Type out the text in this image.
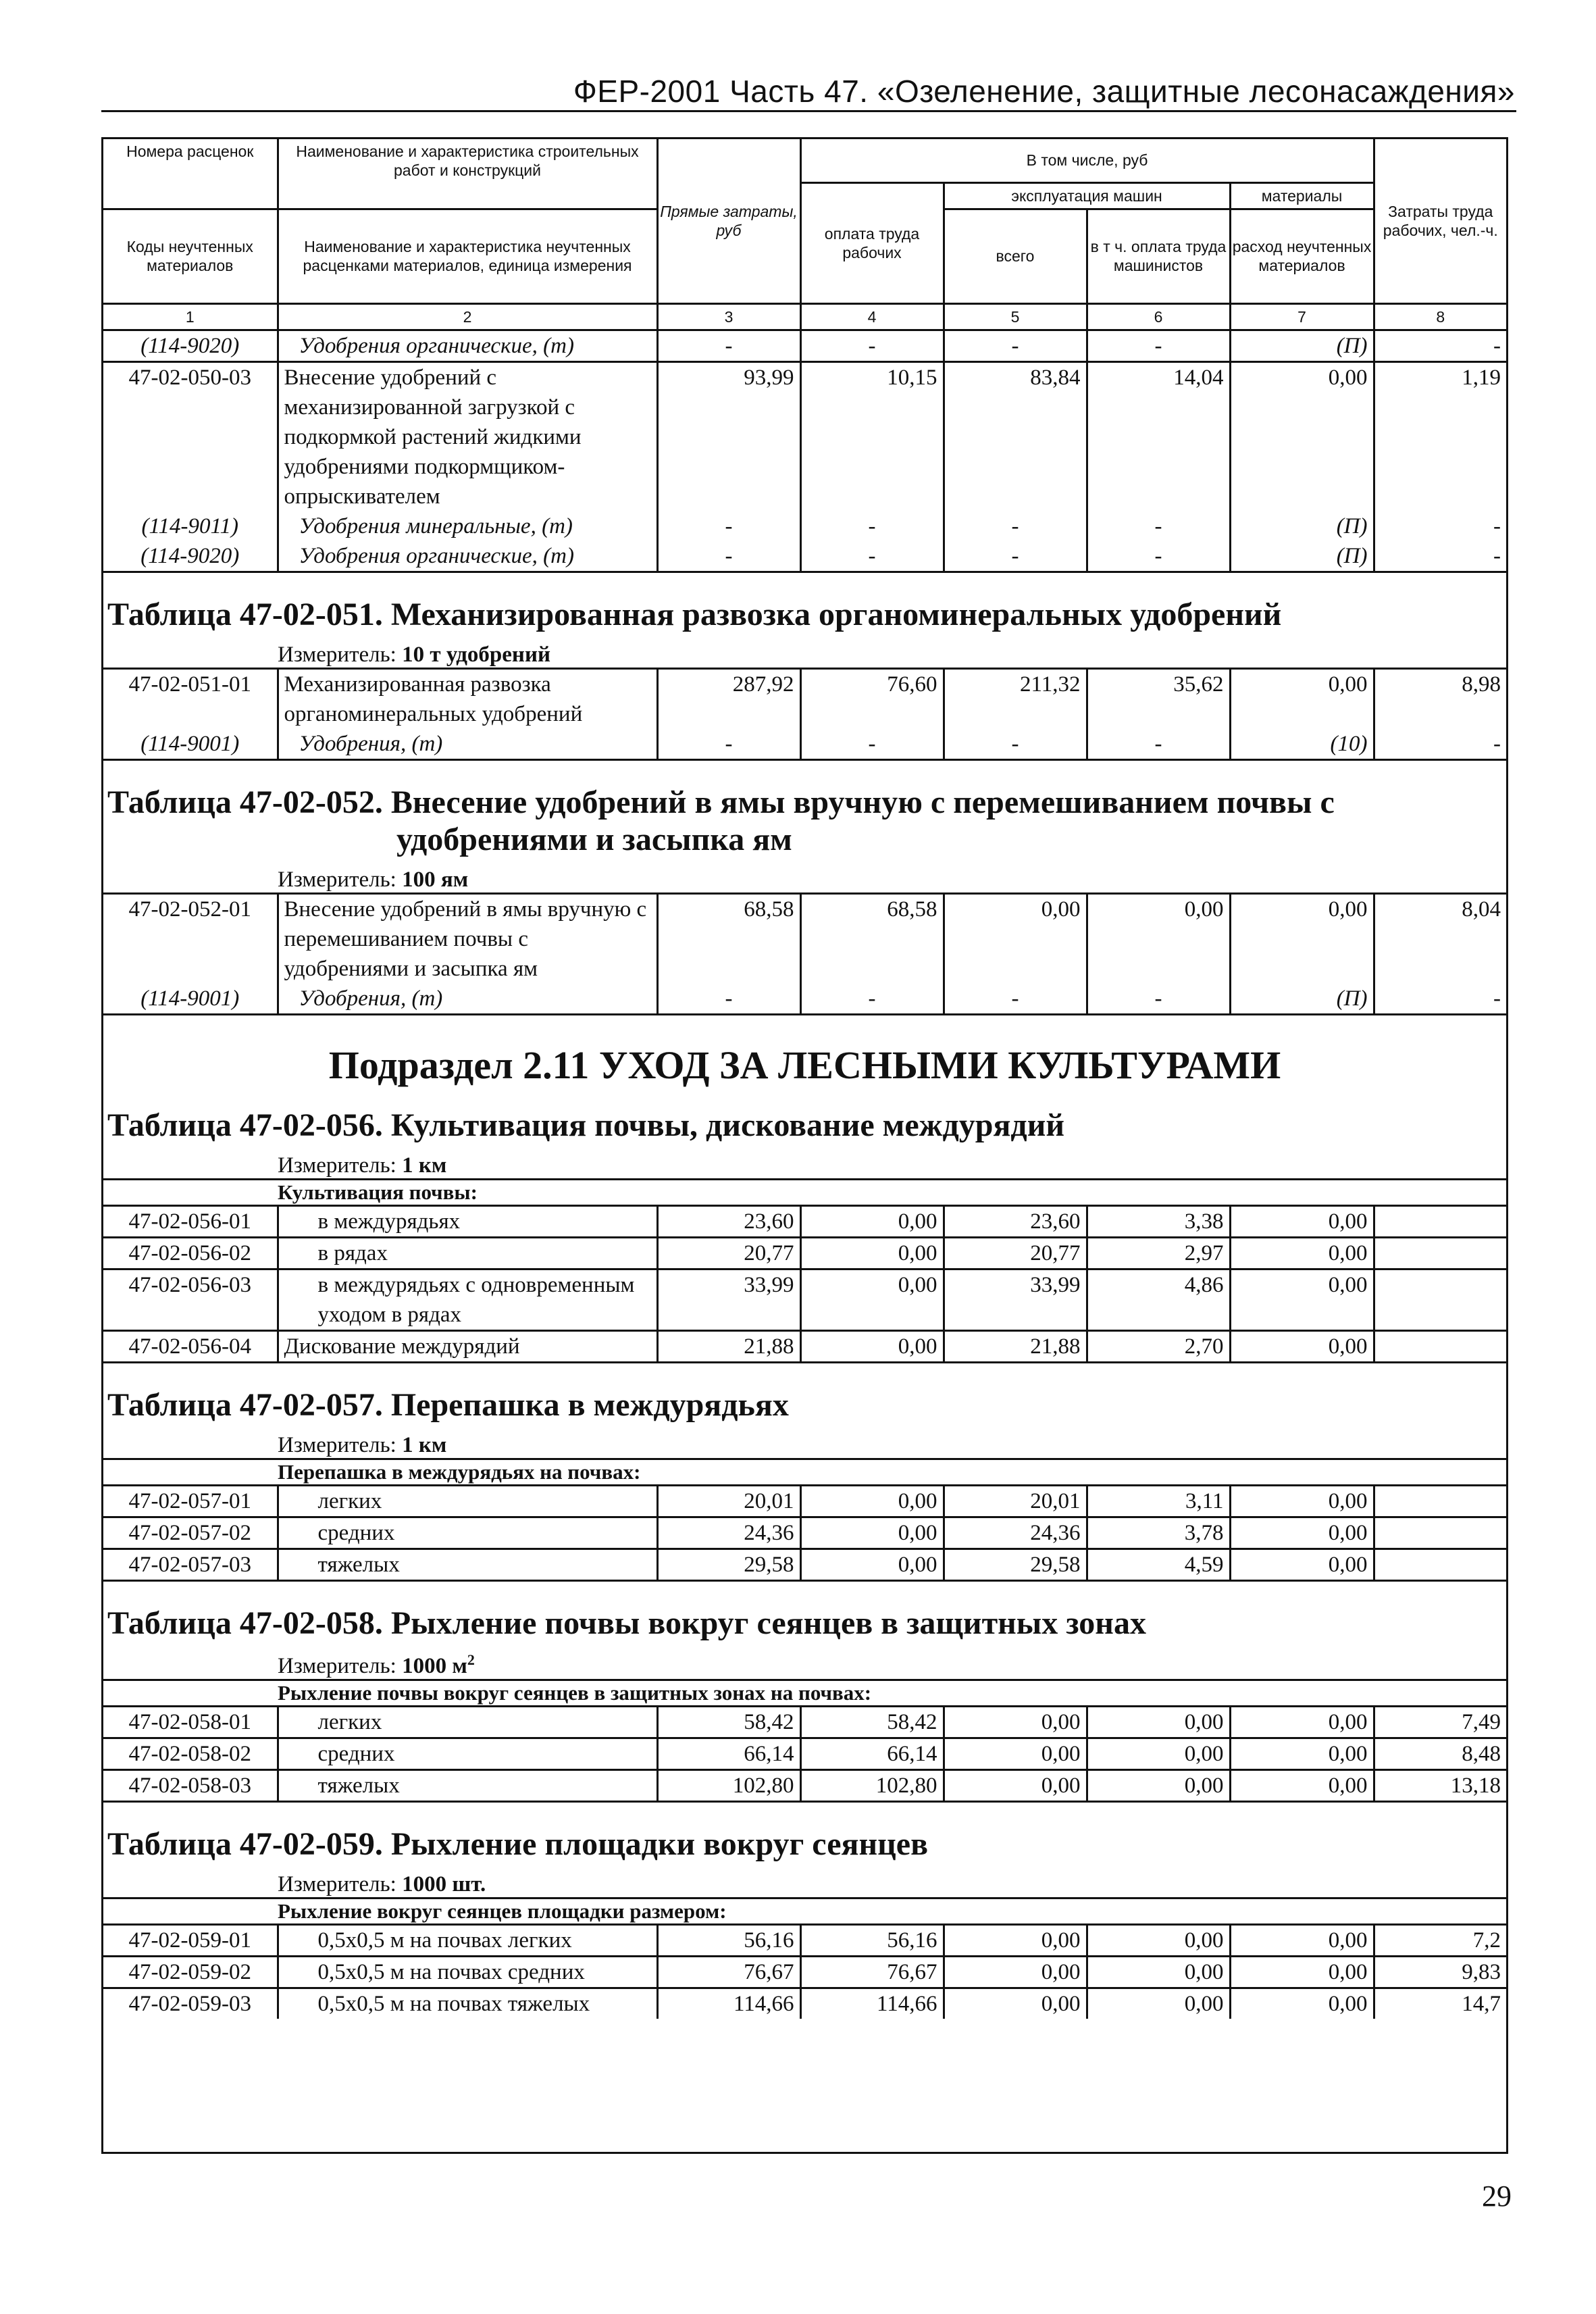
ФЕР-2001 Часть 47. «Озеленение, защитные лесонасаждения»
Номера расценок	Наименование и характеристика строительных работ и конструкций	Прямые затраты, руб	В том числе, руб				Затраты труда рабочих, чел.-ч.
			оплата труда рабочих	эксплуатация машин		материалы	
Коды неучтенных материалов	Наименование и характеристика неучтенных расценками материалов, единица измерения			всего	в т ч. оплата труда машинистов	расход неучтенных материалов	
1	2	3	4	5	6	7	8
(114-9020)	Удобрения органические, (т)	-	-	-	-	(П)	-
47-02-050-03	Внесение удобрений с механизированной загрузкой с подкормкой растений жидкими удобрениями подкормщиком-опрыскивателем	93,99	10,15	83,84	14,04	0,00	1,19
(114-9011)	Удобрения минеральные, (т)	-	-	-	-	(П)	-
(114-9020)	Удобрения органические, (т)	-	-	-	-	(П)	-
Таблица 47-02-051. Механизированная развозка органоминеральных удобрений
Измеритель: 10 т удобрений
47-02-051-01	Механизированная развозка органоминеральных удобрений	287,92	76,60	211,32	35,62	0,00	8,98
(114-9001)	Удобрения, (т)	-	-	-	-	(10)	-
Таблица 47-02-052. Внесение удобрений в ямы вручную с перемешиванием почвы с
удобрениями и засыпка ям
Измеритель: 100 ям
47-02-052-01	Внесение удобрений в ямы вручную с перемешиванием почвы с удобрениями и засыпка ям	68,58	68,58	0,00	0,00	0,00	8,04
(114-9001)	Удобрения, (т)	-	-	-	-	(П)	-
Подраздел 2.11 УХОД ЗА ЛЕСНЫМИ КУЛЬТУРАМИ
Таблица 47-02-056. Культивация почвы, дискование междурядий
Измеритель: 1 км
Культивация почвы:
47-02-056-01	в междурядьях	23,60	0,00	23,60	3,38	0,00	
47-02-056-02	в рядах	20,77	0,00	20,77	2,97	0,00	
47-02-056-03	в междурядьях с одновременным уходом в рядах	33,99	0,00	33,99	4,86	0,00	
47-02-056-04	Дискование междурядий	21,88	0,00	21,88	2,70	0,00	
Таблица 47-02-057. Перепашка в междурядьях
Измеритель: 1 км
Перепашка в междурядьях на почвах:
47-02-057-01	легких	20,01	0,00	20,01	3,11	0,00	
47-02-057-02	средних	24,36	0,00	24,36	3,78	0,00	
47-02-057-03	тяжелых	29,58	0,00	29,58	4,59	0,00	
Таблица 47-02-058. Рыхление почвы вокруг сеянцев в защитных зонах
Измеритель: 1000 $м^2$
Рыхление почвы вокруг сеянцев в защитных зонах на почвах:
47-02-058-01	легких	58,42	58,42	0,00	0,00	0,00	7,49
47-02-058-02	средних	66,14	66,14	0,00	0,00	0,00	8,48
47-02-058-03	тяжелых	102,80	102,80	0,00	0,00	0,00	13,18
Таблица 47-02-059. Рыхление площадки вокруг сеянцев
Измеритель: 1000 шт.
Рыхление вокруг сеянцев площадки размером:
47-02-059-01	0,5х0,5 м на почвах легких	56,16	56,16	0,00	0,00	0,00	7,2
47-02-059-02	0,5х0,5 м на почвах средних	76,67	76,67	0,00	0,00	0,00	9,83
47-02-059-03	0,5х0,5 м на почвах тяжелых	114,66	114,66	0,00	0,00	0,00	14,7
29
